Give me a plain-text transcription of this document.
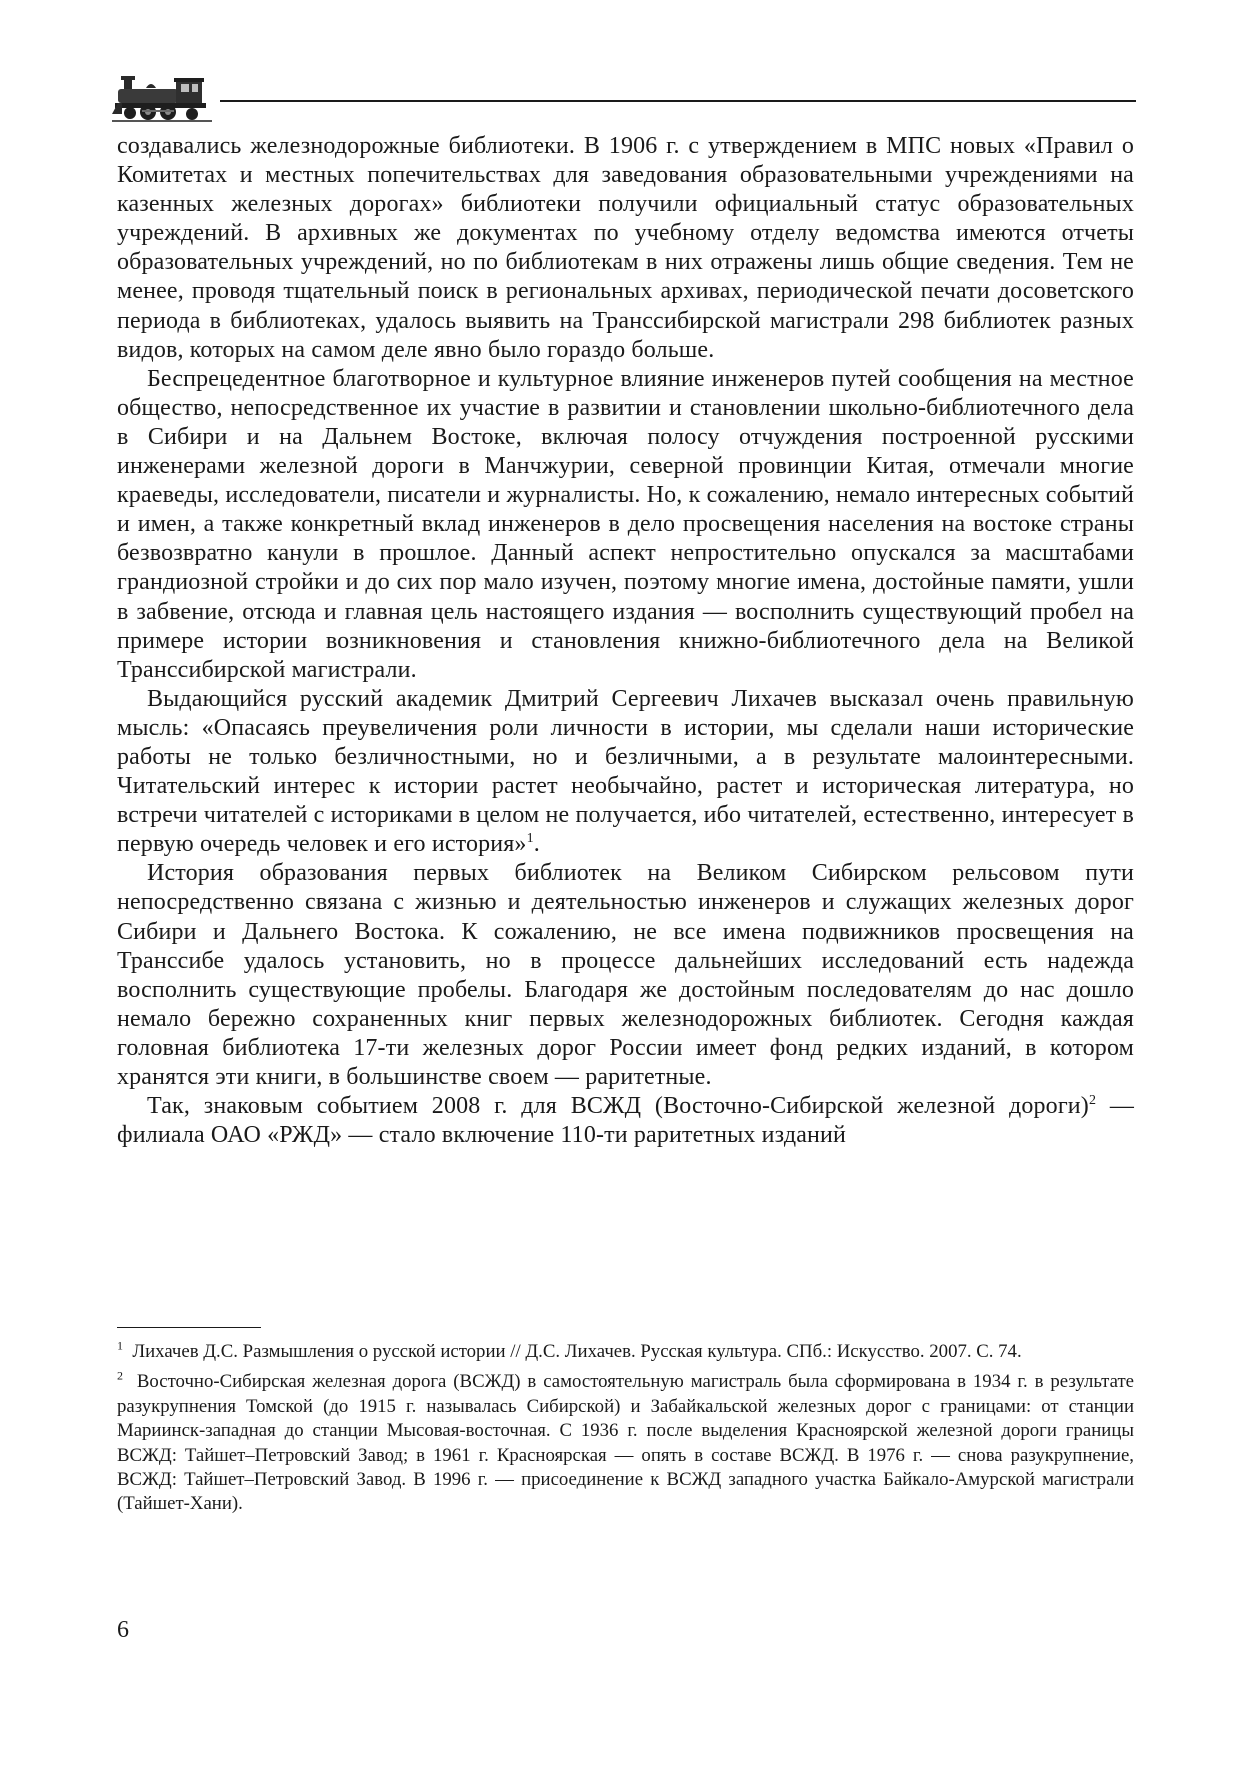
создавались железнодорожные библиотеки. В 1906 г. с утверждением в МПС новых «Правил о Комитетах и местных попечительствах для заведования образовательными учреждениями на казенных железных дорогах» библиотеки получили официальный статус образовательных учреждений. В архивных же документах по учебному отделу ведомства имеются отчеты образовательных учреждений, но по библиотекам в них отражены лишь общие сведения. Тем не менее, проводя тщательный поиск в региональных архивах, периодической печати досоветского периода в библиотеках, удалось выявить на Транссибирской магистрали 298 библиотек разных видов, которых на самом деле явно было гораздо больше.

Беспрецедентное благотворное и культурное влияние инженеров путей сообщения на местное общество, непосредственное их участие в развитии и становлении школьно-библиотечного дела в Сибири и на Дальнем Востоке, включая полосу отчуждения построенной русскими инженерами железной дороги в Манчжурии, северной провинции Китая, отмечали многие краеведы, исследователи, писатели и журналисты. Но, к сожалению, немало интересных событий и имен, а также конкретный вклад инженеров в дело просвещения населения на востоке страны безвозвратно канули в прошлое. Данный аспект непростительно опускался за масштабами грандиозной стройки и до сих пор мало изучен, поэтому многие имена, достойные памяти, ушли в забвение, отсюда и главная цель настоящего издания — восполнить существующий пробел на примере истории возникновения и становления книжно-библиотечного дела на Великой Транссибирской магистрали.

Выдающийся русский академик Дмитрий Сергеевич Лихачев высказал очень правильную мысль: «Опасаясь преувеличения роли личности в истории, мы сделали наши исторические работы не только безличностными, но и безличными, а в результате малоинтересными. Читательский интерес к истории растет необычайно, растет и историческая литература, но встречи читателей с историками в целом не получается, ибо читателей, естественно, интересует в первую очередь человек и его история»$^1$.

История образования первых библиотек на Великом Сибирском рельсовом пути непосредственно связана с жизнью и деятельностью инженеров и служащих железных дорог Сибири и Дальнего Востока. К сожалению, не все имена подвижников просвещения на Транссибе удалось установить, но в процессе дальнейших исследований есть надежда восполнить существующие пробелы. Благодаря же достойным последователям до нас дошло немало бережно сохраненных книг первых железнодорожных библиотек. Сегодня каждая головная библиотека 17-ти железных дорог России имеет фонд редких изданий, в котором хранятся эти книги, в большинстве своем — раритетные.

Так, знаковым событием 2008 г. для ВСЖД (Восточно-Сибирской железной дороги)$^2$ — филиала ОАО «РЖД» — стало включение 110-ти раритетных изданий

$^1$ Лихачев Д.С. Размышления о русской истории // Д.С. Лихачев. Русская культура. СПб.: Искусство. 2007. С. 74.

$^2$ Восточно-Сибирская железная дорога (ВСЖД) в самостоятельную магистраль была сформирована в 1934 г. в результате разукрупнения Томской (до 1915 г. называлась Сибирской) и Забайкальской железных дорог с границами: от станции Мариинск-западная до станции Мысовая-восточная. С 1936 г. после выделения Красноярской железной дороги границы ВСЖД: Тайшет–Петровский Завод; в 1961 г. Красноярская — опять в составе ВСЖД. В 1976 г. — снова разукрупнение, ВСЖД: Тайшет–Петровский Завод. В 1996 г. — присоединение к ВСЖД западного участка Байкало-Амурской магистрали (Тайшет-Хани).

6
